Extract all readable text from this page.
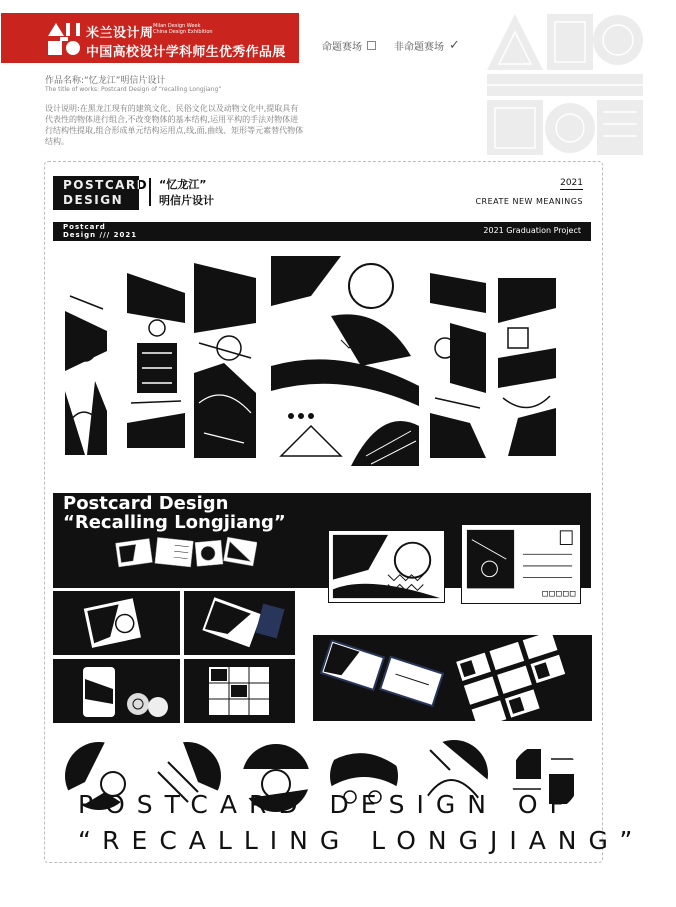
米兰设计周 Milan Design Week
China Design Exhibition
中国高校设计学科师生优秀作品展	命题赛场	非命题赛场 ✓
作品名称:“忆龙江”明信片设计
The title of works: Postcard Design of “recalling Longjiang”
设计说明:在黑龙江现有的建筑文化、民俗文化以及动物文化中,提取具有代表性的物体进行组合,不改变物体的基本结构,运用平构的手法对物体进行结构性提取,组合形成单元结构运用点,线,面,曲线、矩形等元素替代物体结构。
POSTCARD
DESIGN
“忆龙江”
明信片设计
2021
CREATE NEW MEANINGS
Postcard
Design /// 2021	2021 Graduation Project
Postcard Design
“Recalling Longjiang”
POSTCARD DESIGN OF
“RECALLING LONGJIANG”
